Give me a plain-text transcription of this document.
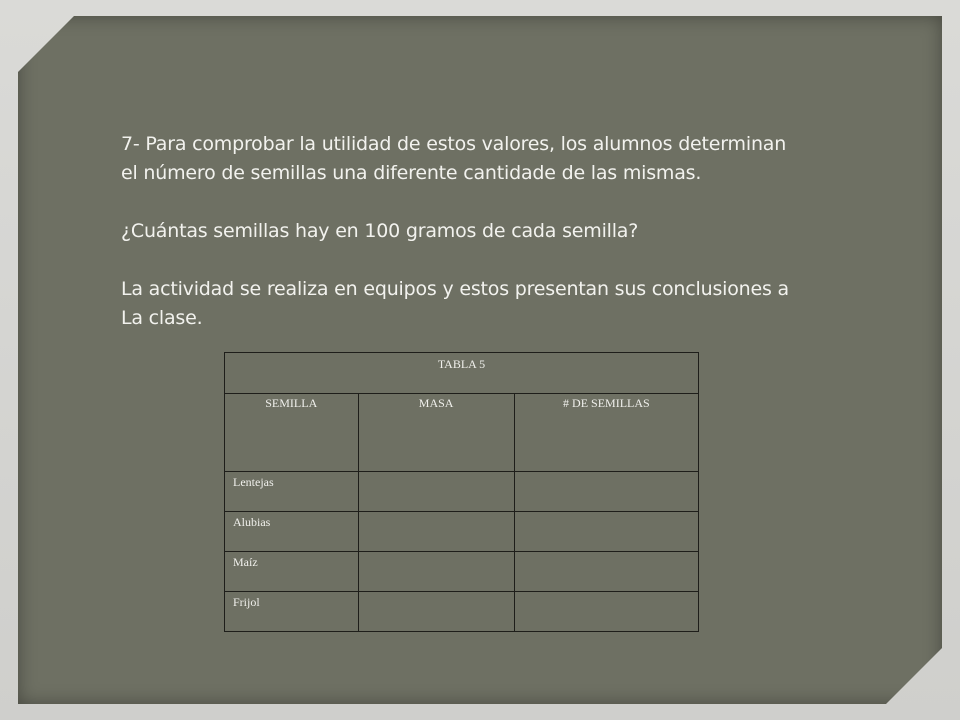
7- Para comprobar la utilidad de estos valores, los alumnos determinan

el número de semillas una diferente cantidade de las mismas.

¿Cuántas semillas hay en 100 gramos de cada semilla?

La actividad se realiza en equipos y estos presentan sus conclusiones a

La clase.

TABLA 5		

SEMILLA	MASA	# DE SEMILLAS

Lentejas		

Alubias		

Maíz		

Frijol		
